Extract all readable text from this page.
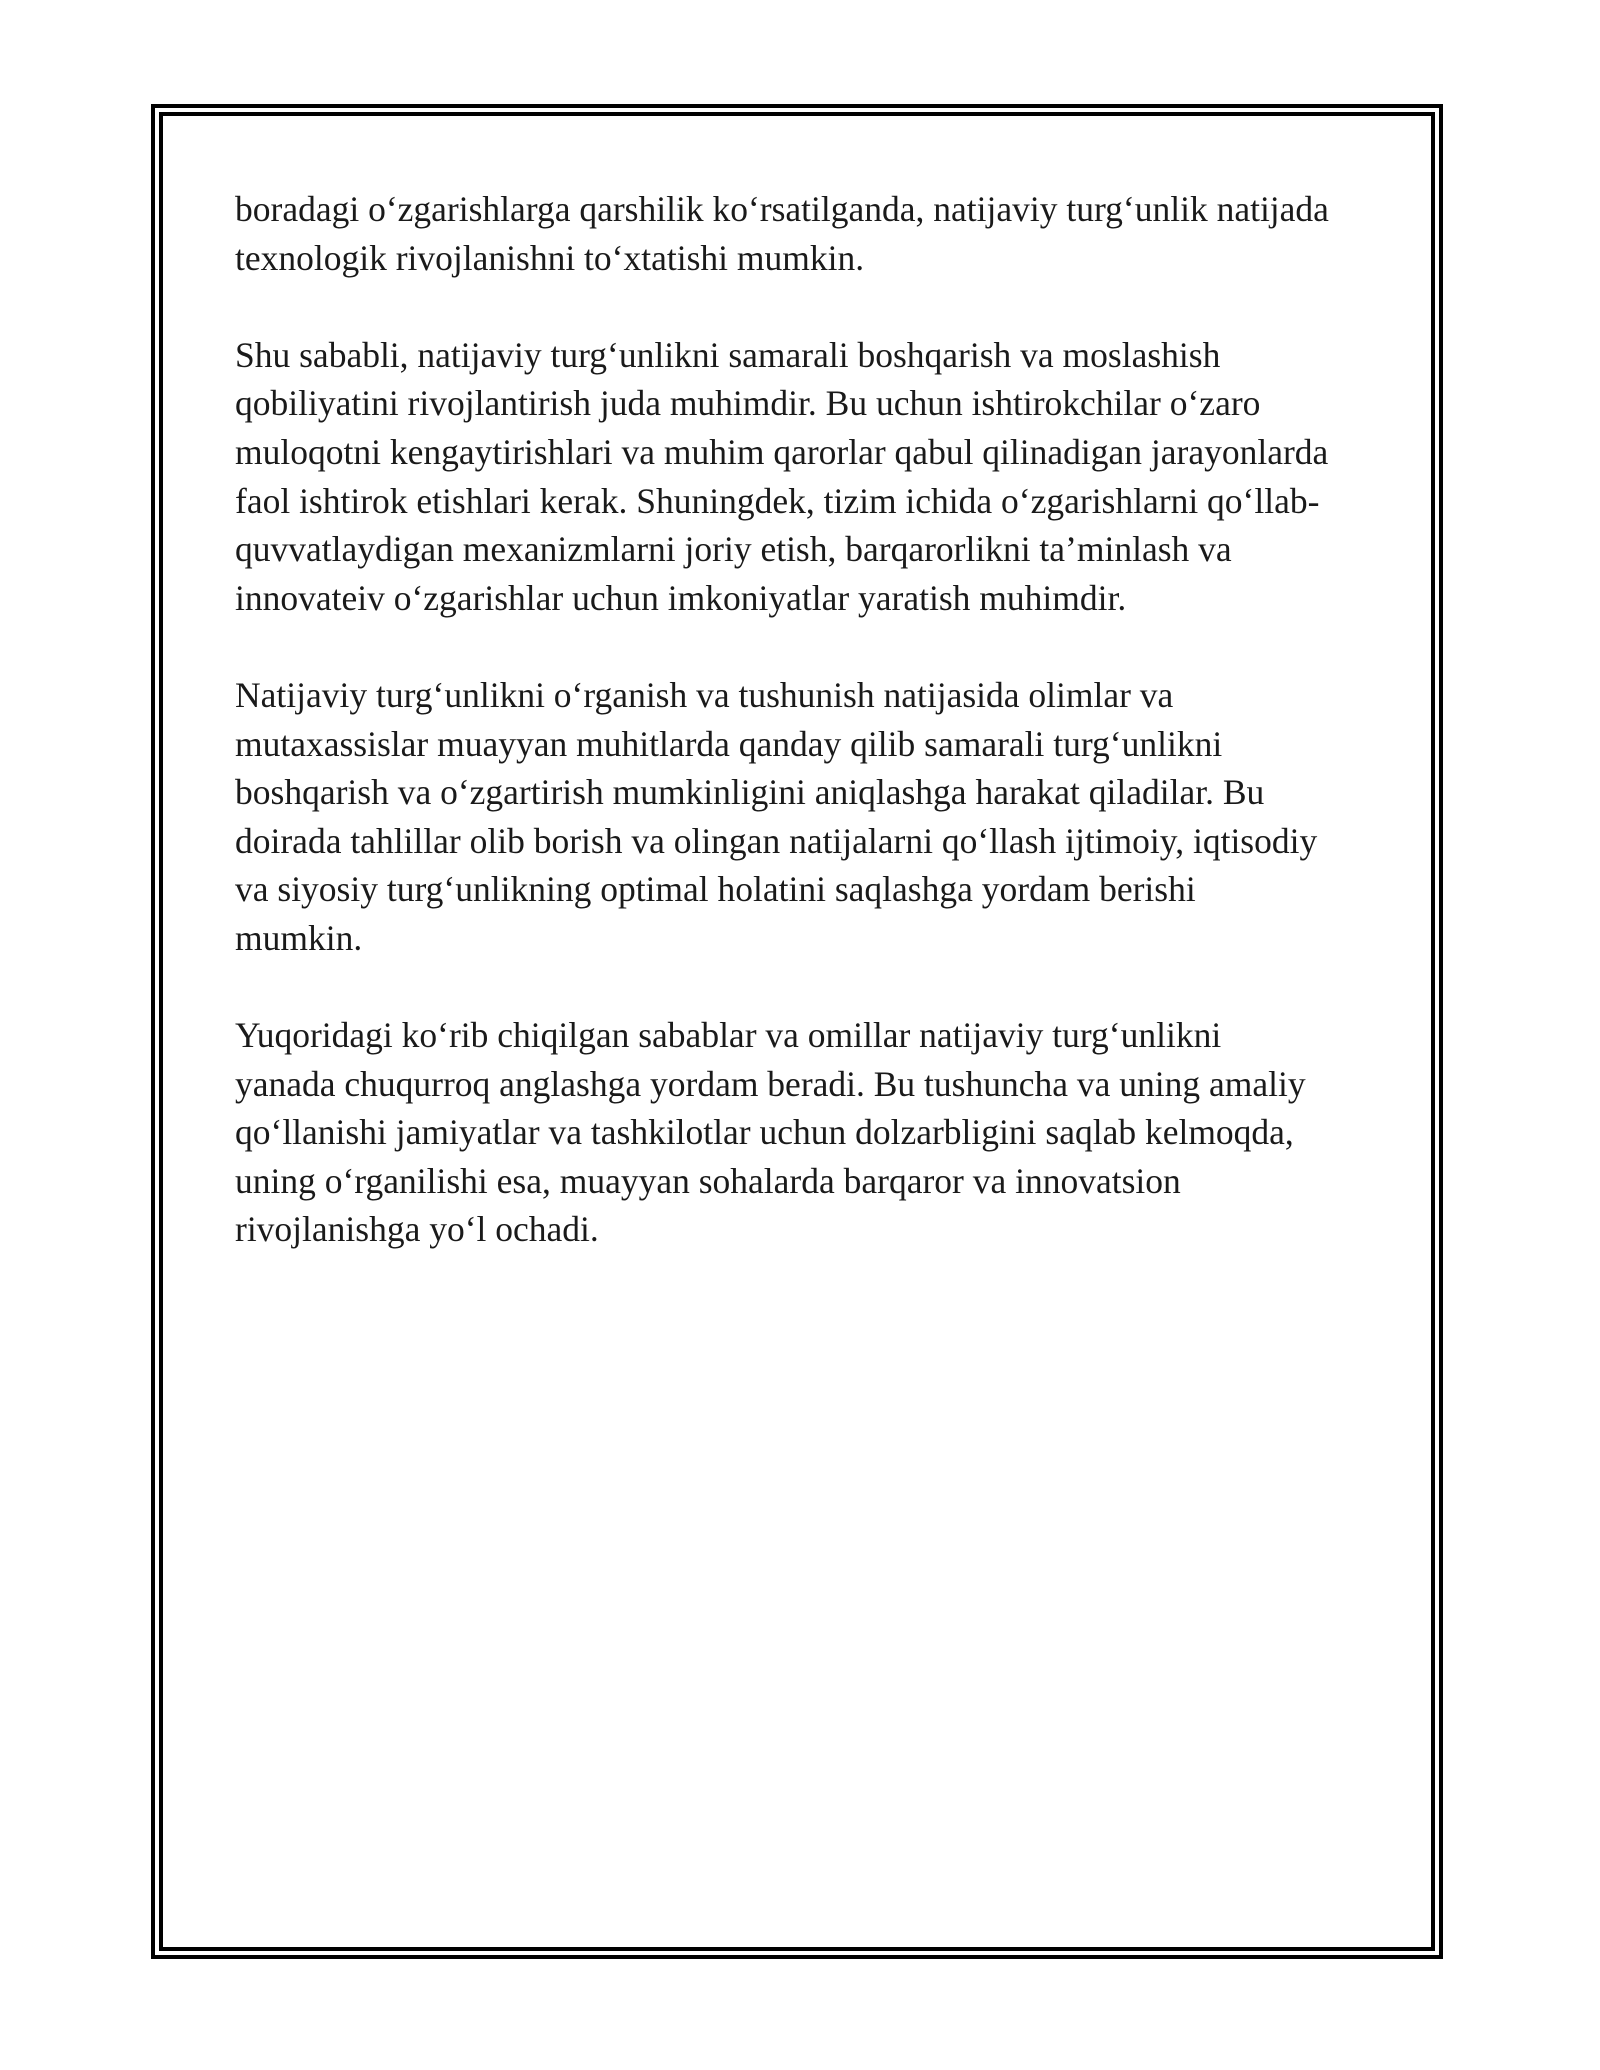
boradagi o‘zgarishlarga qarshilik ko‘rsatilganda, natijaviy turg‘unlik natijada
texnologik rivojlanishni to‘xtatishi mumkin.

Shu sababli, natijaviy turg‘unlikni samarali boshqarish va moslashish
qobiliyatini rivojlantirish juda muhimdir. Bu uchun ishtirokchilar o‘zaro
muloqotni kengaytirishlari va muhim qarorlar qabul qilinadigan jarayonlarda
faol ishtirok etishlari kerak. Shuningdek, tizim ichida o‘zgarishlarni qo‘llab-
quvvatlaydigan mexanizmlarni joriy etish, barqarorlikni ta’minlash va
innovateiv o‘zgarishlar uchun imkoniyatlar yaratish muhimdir.

Natijaviy turg‘unlikni o‘rganish va tushunish natijasida olimlar va
mutaxassislar muayyan muhitlarda qanday qilib samarali turg‘unlikni
boshqarish va o‘zgartirish mumkinligini aniqlashga harakat qiladilar. Bu
doirada tahlillar olib borish va olingan natijalarni qo‘llash ijtimoiy, iqtisodiy
va siyosiy turg‘unlikning optimal holatini saqlashga yordam berishi
mumkin.

Yuqoridagi ko‘rib chiqilgan sabablar va omillar natijaviy turg‘unlikni
yanada chuqurroq anglashga yordam beradi. Bu tushuncha va uning amaliy
qo‘llanishi jamiyatlar va tashkilotlar uchun dolzarbligini saqlab kelmoqda,
uning o‘rganilishi esa, muayyan sohalarda barqaror va innovatsion
rivojlanishga yo‘l ochadi.
